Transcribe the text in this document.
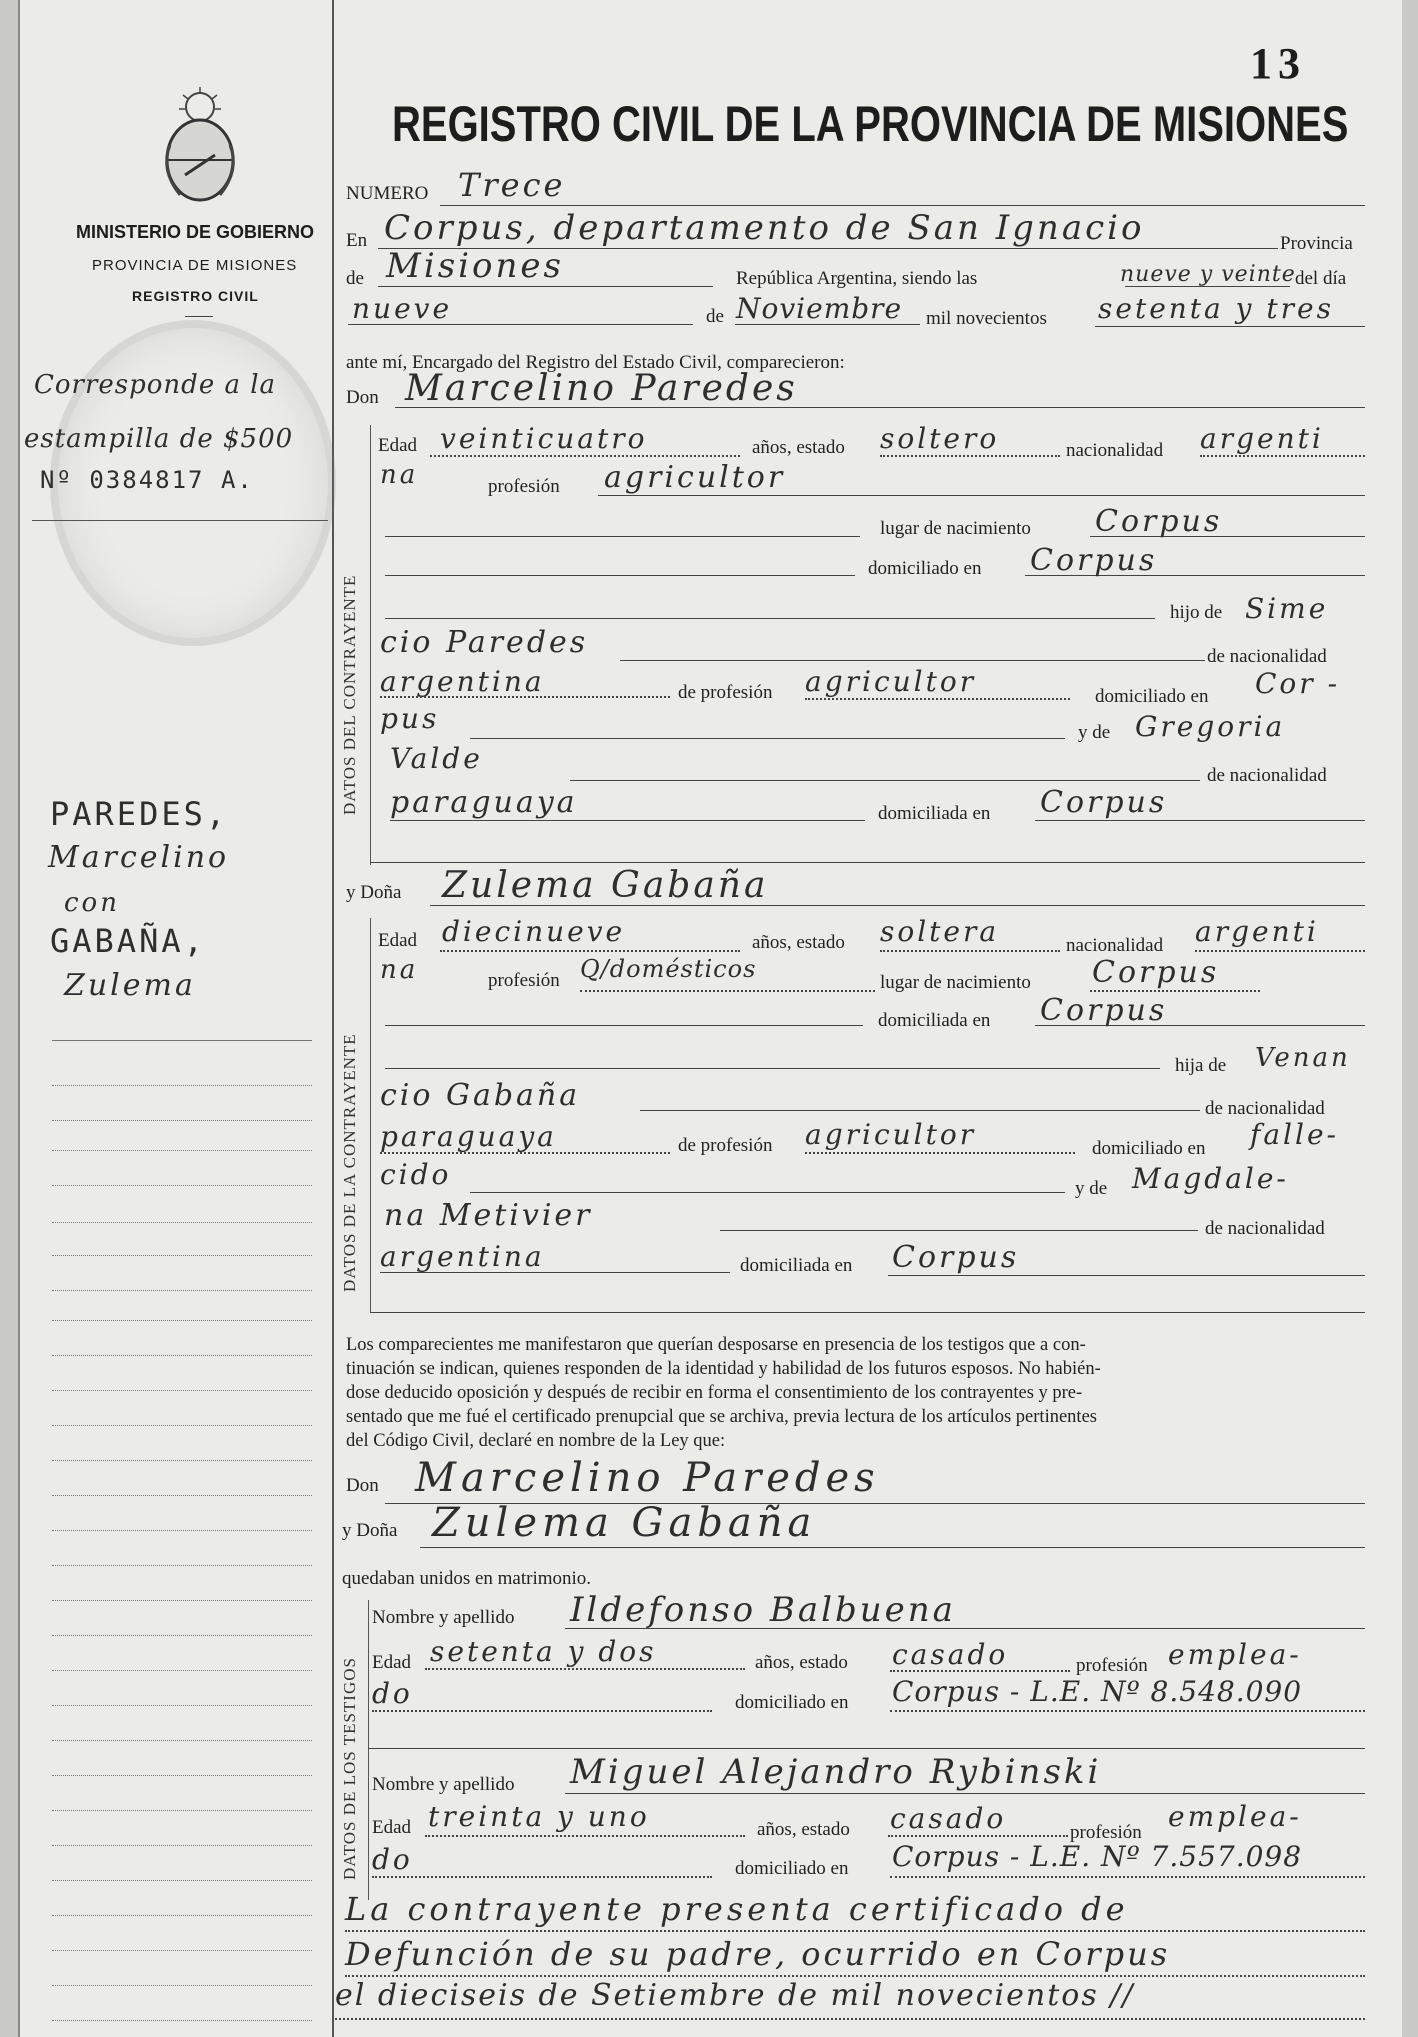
MINISTERIO DE GOBIERNO
PROVINCIA DE MISIONES
REGISTRO CIVIL
Corresponde a la
estampilla de $500
Nº 0384817 A.
PAREDES,
Marcelino
con
GABAÑA,
Zulema
13
REGISTRO CIVIL DE LA PROVINCIA DE MISIONES
NUMERO Trece
En Corpus, departamento de San Ignacio	Provincia
de Misiones	República Argentina, siendo las	nueve y veinte del día
nueve	de Noviembre mil novecientos setenta y tres
ante mí, Encargado del Registro del Estado Civil, comparecieron:
Don Marcelino Paredes
DATOS DEL CONTRAYENTE
Edad veinticuatro	años, estado soltero	nacionalidad argenti
na	profesión agricultor
lugar de nacimiento Corpus
domiciliado en Corpus
hijo de Sime
cio Paredes	de nacionalidad
argentina	de profesión agricultor	domiciliado en Cor -
pus	y de Gregoria
Valde
de nacionalidad
paraguaya	domiciliada en Corpus
y Doña Zulema Gabaña
DATOS DE LA CONTRAYENTE
Edad diecinueve	años, estado soltera	nacionalidad argenti
na	profesión Q/domésticos	lugar de nacimiento Corpus
domiciliada en Corpus
hija de Venan
cio Gabaña	de nacionalidad
paraguaya	de profesión agricultor	domiciliado en falle-
cido	y de Magdale-
na Metivier	de nacionalidad
argentina	domiciliada en Corpus
Los comparecientes me manifestaron que querían desposarse en presencia de los testigos que a con-
tinuación se indican, quienes responden de la identidad y habilidad de los futuros esposos. No habién-
dose deducido oposición y después de recibir en forma el consentimiento de los contrayentes y pre-
sentado que me fué el certificado prenupcial que se archiva, previa lectura de los artículos pertinentes
del Código Civil, declaré en nombre de la Ley que:
Don Marcelino Paredes
y Doña Zulema Gabaña
quedaban unidos en matrimonio.
DATOS DE LOS TESTIGOS
Nombre y apellido Ildefonso Balbuena
Edad setenta y dos	años, estado casado	profesión emplea-
do	domiciliado en Corpus - L.E. Nº 8.548.090
Nombre y apellido Miguel Alejandro Rybinski
Edad treinta y uno	años, estado casado	profesión emplea-
do	domiciliado en Corpus - L.E. Nº 7.557.098
La contrayente presenta certificado de
Defunción de su padre, ocurrido en Corpus
el dieciseis de Setiembre de mil novecientos //
